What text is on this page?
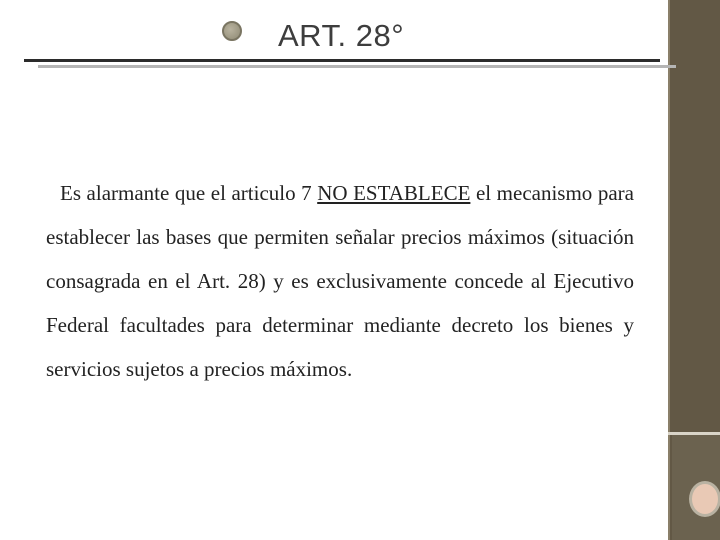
ART. 28°

Es alarmante que el articulo 7 NO ESTABLECE el mecanismo para establecer las bases que permiten señalar precios máximos (situación consagrada en el Art. 28) y es exclusivamente concede al Ejecutivo Federal facultades para determinar mediante decreto los bienes y servicios sujetos a precios máximos.
